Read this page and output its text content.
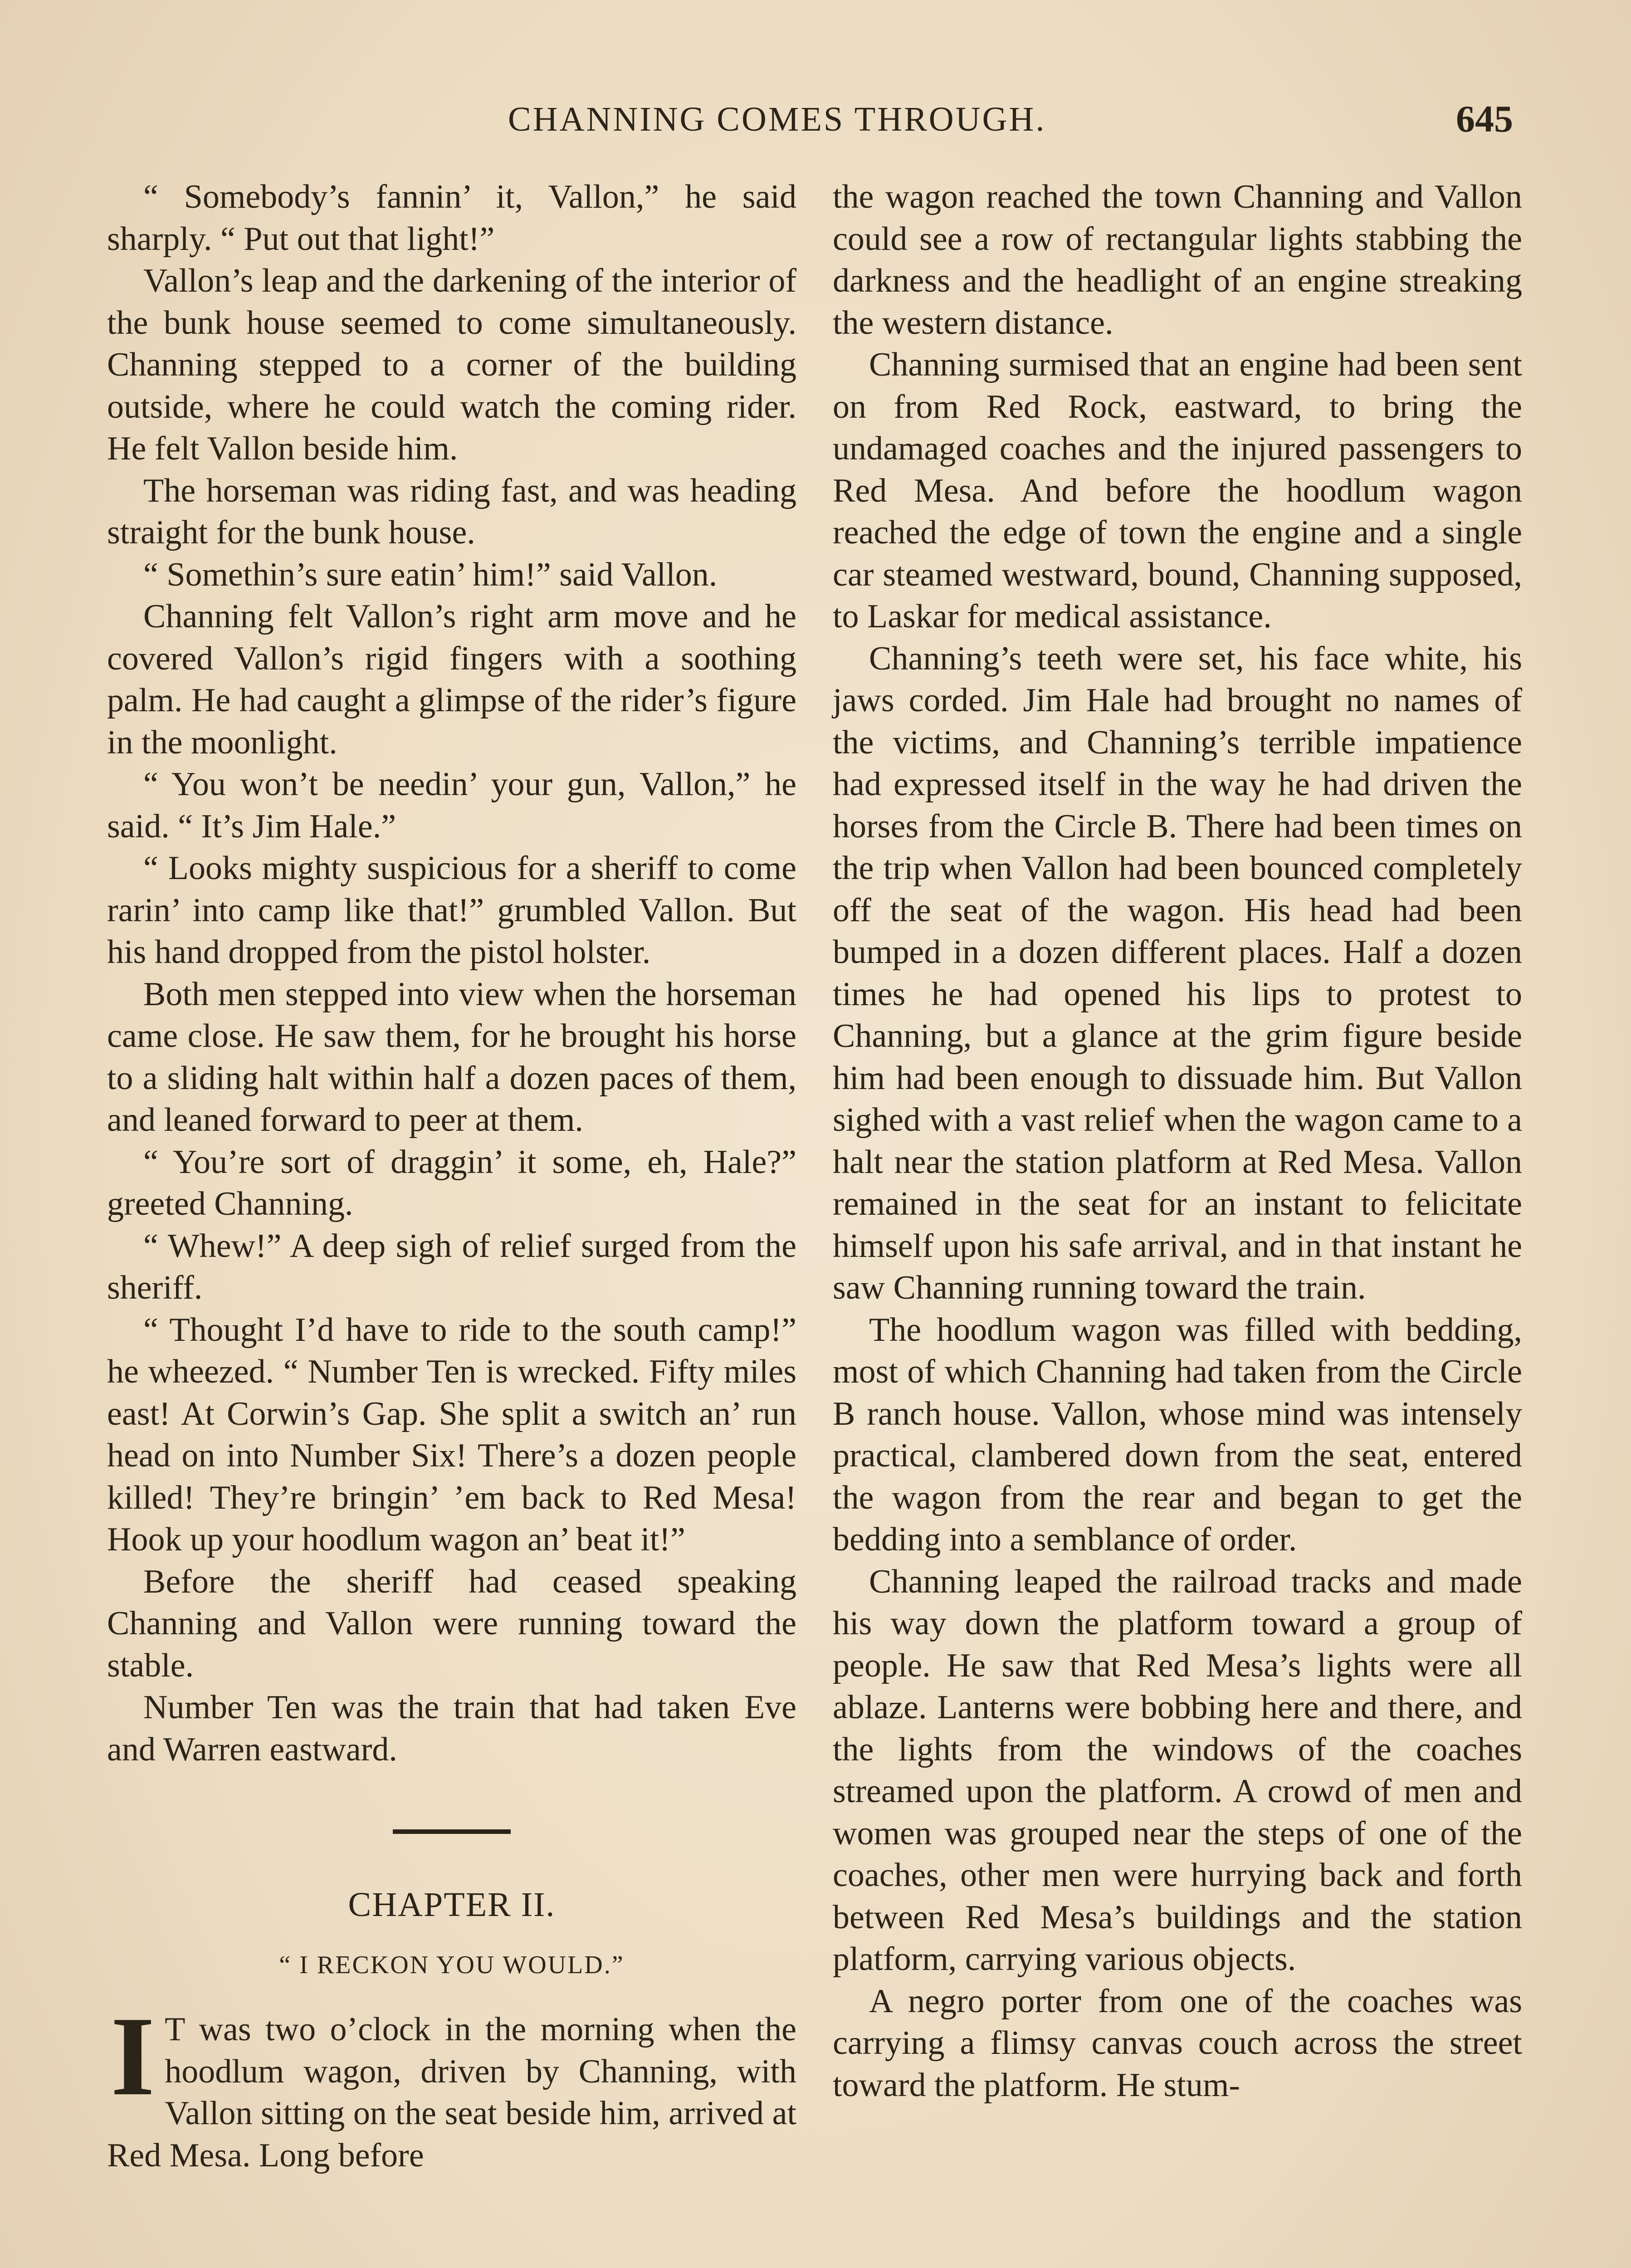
CHANNING COMES THROUGH.	645

“ Somebody’s fannin’ it, Vallon,” he said sharply. “ Put out that light!”

Vallon’s leap and the darkening of the interior of the bunk house seemed to come simultaneously. Channing stepped to a corner of the building outside, where he could watch the coming rider. He felt Vallon beside him.

The horseman was riding fast, and was heading straight for the bunk house.

“ Somethin’s sure eatin’ him!” said Vallon.

Channing felt Vallon’s right arm move and he covered Vallon’s rigid fingers with a soothing palm. He had caught a glimpse of the rider’s figure in the moonlight.

“ You won’t be needin’ your gun, Vallon,” he said. “ It’s Jim Hale.”

“ Looks mighty suspicious for a sheriff to come rarin’ into camp like that!” grumbled Vallon. But his hand dropped from the pistol holster.

Both men stepped into view when the horseman came close. He saw them, for he brought his horse to a sliding halt within half a dozen paces of them, and leaned forward to peer at them.

“ You’re sort of draggin’ it some, eh, Hale?” greeted Channing.

“ Whew!” A deep sigh of relief surged from the sheriff.

“ Thought I’d have to ride to the south camp!” he wheezed. “ Number Ten is wrecked. Fifty miles east! At Corwin’s Gap. She split a switch an’ run head on into Number Six! There’s a dozen people killed! They’re bringin’ ’em back to Red Mesa! Hook up your hoodlum wagon an’ beat it!”

Before the sheriff had ceased speaking Channing and Vallon were running toward the stable.

Number Ten was the train that had taken Eve and Warren eastward.

CHAPTER II.

“ I RECKON YOU WOULD.”

I T was two o’clock in the morning when the hoodlum wagon, driven by Channing, with Vallon sitting on the seat beside him, arrived at Red Mesa. Long before

the wagon reached the town Channing and Vallon could see a row of rectangular lights stabbing the darkness and the headlight of an engine streaking the western distance.

Channing surmised that an engine had been sent on from Red Rock, eastward, to bring the undamaged coaches and the injured passengers to Red Mesa. And before the hoodlum wagon reached the edge of town the engine and a single car steamed westward, bound, Channing supposed, to Laskar for medical assistance.

Channing’s teeth were set, his face white, his jaws corded. Jim Hale had brought no names of the victims, and Channing’s terrible impatience had expressed itself in the way he had driven the horses from the Circle B. There had been times on the trip when Vallon had been bounced completely off the seat of the wagon. His head had been bumped in a dozen different places. Half a dozen times he had opened his lips to protest to Channing, but a glance at the grim figure beside him had been enough to dissuade him. But Vallon sighed with a vast relief when the wagon came to a halt near the station platform at Red Mesa. Vallon remained in the seat for an instant to felicitate himself upon his safe arrival, and in that instant he saw Channing running toward the train.

The hoodlum wagon was filled with bedding, most of which Channing had taken from the Circle B ranch house. Vallon, whose mind was intensely practical, clambered down from the seat, entered the wagon from the rear and began to get the bedding into a semblance of order.

Channing leaped the railroad tracks and made his way down the platform toward a group of people. He saw that Red Mesa’s lights were all ablaze. Lanterns were bobbing here and there, and the lights from the windows of the coaches streamed upon the platform. A crowd of men and women was grouped near the steps of one of the coaches, other men were hurrying back and forth between Red Mesa’s buildings and the station platform, carrying various objects.

A negro porter from one of the coaches was carrying a flimsy canvas couch across the street toward the platform. He stum-
